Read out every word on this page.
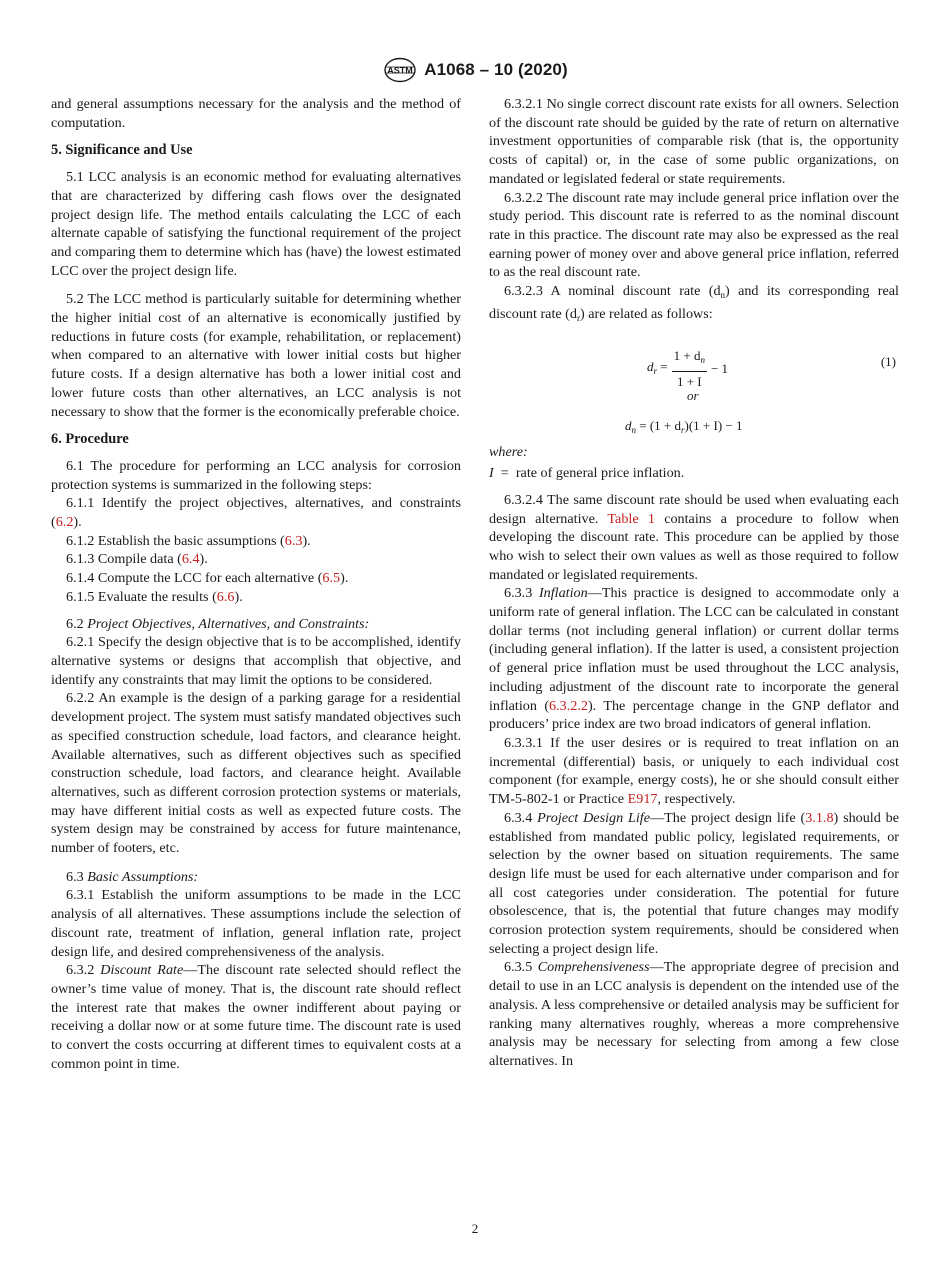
ASTM A1068 – 10 (2020)

and general assumptions necessary for the analysis and the method of computation.

5. Significance and Use

5.1 LCC analysis is an economic method for evaluating alternatives that are characterized by differing cash flows over the designated project design life. The method entails calculating the LCC of each alternate capable of satisfying the functional requirement of the project and comparing them to determine which has (have) the lowest estimated LCC over the project design life.

5.2 The LCC method is particularly suitable for determining whether the higher initial cost of an alternative is economically justified by reductions in future costs (for example, rehabilitation, or replacement) when compared to an alternative with lower initial costs but higher future costs. If a design alternative has both a lower initial cost and lower future costs than other alternatives, an LCC analysis is not necessary to show that the former is the economically preferable choice.

6. Procedure

6.1 The procedure for performing an LCC analysis for corrosion protection systems is summarized in the following steps:

6.1.1 Identify the project objectives, alternatives, and constraints (6.2).

6.1.2 Establish the basic assumptions (6.3).

6.1.3 Compile data (6.4).

6.1.4 Compute the LCC for each alternative (6.5).

6.1.5 Evaluate the results (6.6).

6.2 Project Objectives, Alternatives, and Constraints:

6.2.1 Specify the design objective that is to be accomplished, identify alternative systems or designs that accomplish that objective, and identify any constraints that may limit the options to be considered.

6.2.2 An example is the design of a parking garage for a residential development project. The system must satisfy mandated objectives such as specified construction schedule, load factors, and clearance height. Available alternatives, such as different objectives such as specified construction schedule, load factors, and clearance height. Available alternatives, such as different corrosion protection systems or materials, may have different initial costs as well as expected future costs. The system design may be constrained by access for future maintenance, number of footers, etc.

6.3 Basic Assumptions:

6.3.1 Establish the uniform assumptions to be made in the LCC analysis of all alternatives. These assumptions include the selection of discount rate, treatment of inflation, general inflation rate, project design life, and desired comprehensiveness of the analysis.

6.3.2 Discount Rate—The discount rate selected should reflect the owner’s time value of money. That is, the discount rate should reflect the interest rate that makes the owner indifferent about paying or receiving a dollar now or at some future time. The discount rate is used to convert the costs occurring at different times to equivalent costs at a common point in time.

6.3.2.1 No single correct discount rate exists for all owners. Selection of the discount rate should be guided by the rate of return on alternative investment opportunities of comparable risk (that is, the opportunity costs of capital) or, in the case of some public organizations, on mandated or legislated federal or state requirements.

6.3.2.2 The discount rate may include general price inflation over the study period. This discount rate is referred to as the nominal discount rate in this practice. The discount rate may also be expressed as the real earning power of money over and above general price inflation, referred to as the real discount rate.

6.3.2.3 A nominal discount rate $(d_n)$ and its corresponding real discount rate $(d_r)$ are related as follows:

$d_r = \frac{1 + d_n}{1 + I} - 1$	(1)
or
$d_n = (1 + d_r)(1 + I) - 1$

where:

I  =  rate of general price inflation.

6.3.2.4 The same discount rate should be used when evaluating each design alternative. Table 1 contains a procedure to follow when developing the discount rate. This procedure can be applied by those who wish to select their own values as well as those required to follow mandated or legislated requirements.

6.3.3 Inflation—This practice is designed to accommodate only a uniform rate of general inflation. The LCC can be calculated in constant dollar terms (not including general inflation) or current dollar terms (including general inflation). If the latter is used, a consistent projection of general price inflation must be used throughout the LCC analysis, including adjustment of the discount rate to incorporate the general inflation (6.3.2.2). The percentage change in the GNP deflator and producers’ price index are two broad indicators of general inflation.

6.3.3.1 If the user desires or is required to treat inflation on an incremental (differential) basis, or uniquely to each individual cost component (for example, energy costs), he or she should consult either TM-5-802-1 or Practice E917, respectively.

6.3.4 Project Design Life—The project design life (3.1.8) should be established from mandated public policy, legislated requirements, or selection by the owner based on situation requirements. The same design life must be used for each alternative under comparison and for all cost categories under consideration. The potential for future obsolescence, that is, the potential that future changes may modify corrosion protection system requirements, should be considered when selecting a project design life.

6.3.5 Comprehensiveness—The appropriate degree of precision and detail to use in an LCC analysis is dependent on the intended use of the analysis. A less comprehensive or detailed analysis may be sufficient for ranking many alternatives roughly, whereas a more comprehensive analysis may be necessary for selecting from among a few close alternatives. In

2
